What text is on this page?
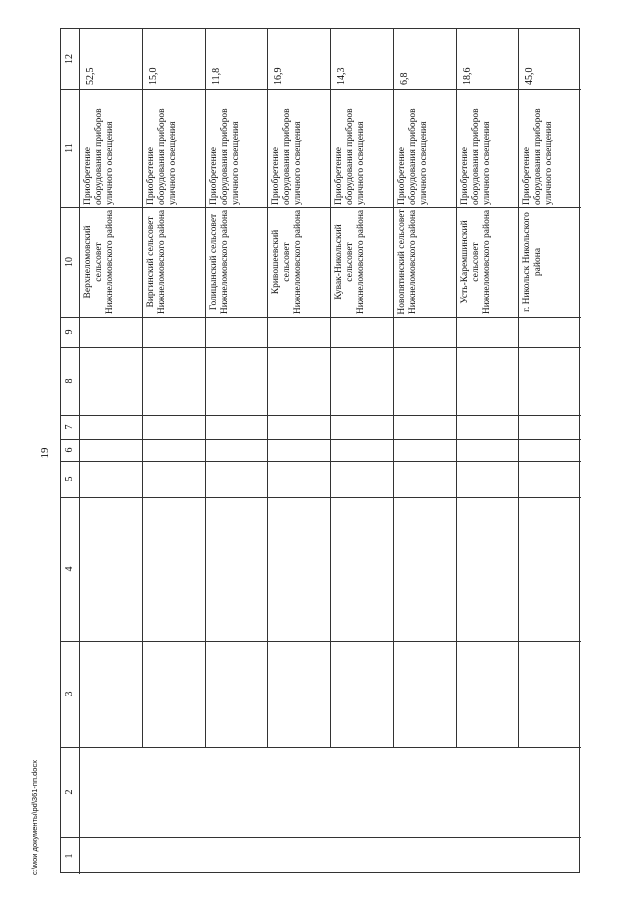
19
12
11
10
9
8
7
6
5
4
3
2
1
52,5
Приобретение оборудования приборов уличного освещения
Верхнеломовский сельсовет Нижнеломовского района
15,0
Приобретение оборудования приборов уличного освещения
Виргинский сельсовет Нижнеломовского района
11,8
Приобретение оборудования приборов уличного освещения
Голицынский сельсовет Нижнеломовского района
16,9
Приобретение оборудования приборов уличного освещения
Кривошеевский сельсовет Нижнеломовского района
14,3
Приобретение оборудования приборов уличного освещения
Кувак-Никольский сельсовет Нижнеломовского района
6,8
Приобретение оборудования приборов уличного освещения
Новопятинский сельсовет Нижнеломовского района
18,6
Приобретение оборудования приборов уличного освещения
Усть-Каремшинский сельсовет Нижнеломовского района
45,0
Приобретение оборудования приборов уличного освещения
г. Никольск Никольского района
c:\мои документы\pd\361-пп.docx
